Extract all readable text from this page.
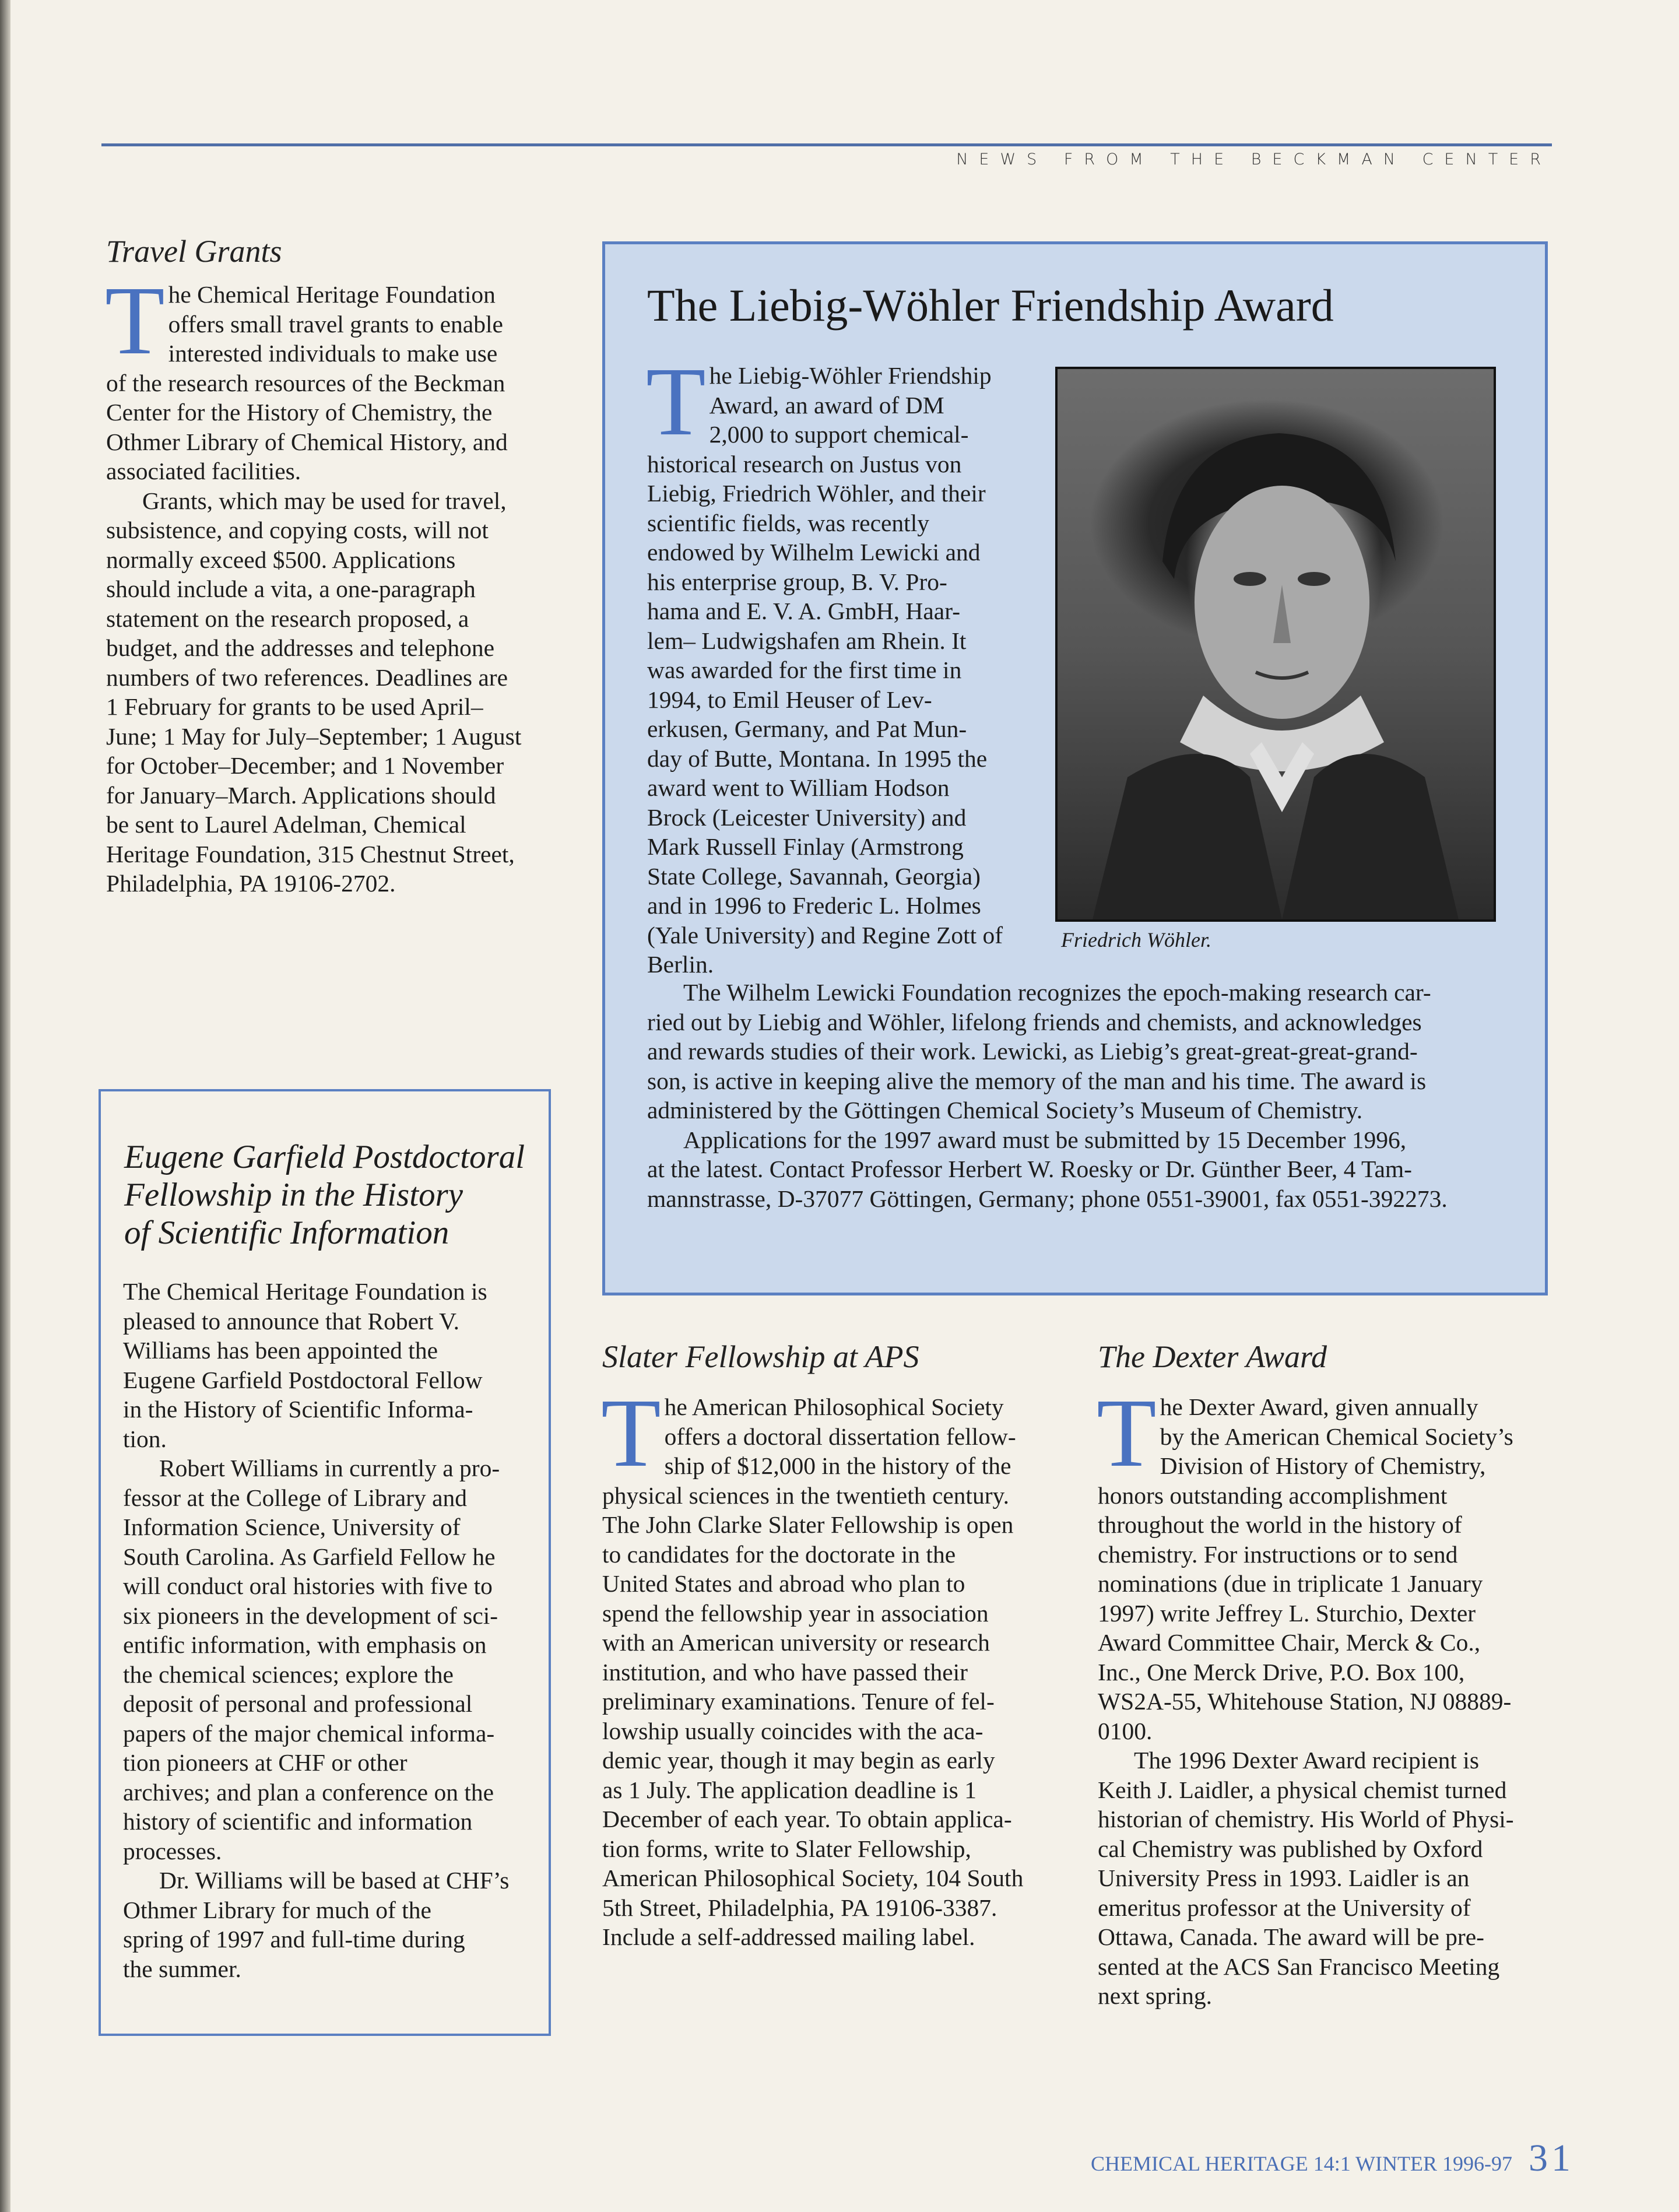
NEWS FROM THE BECKMAN CENTER
Travel Grants
T he Chemical Heritage Foundation
offers small travel grants to enable
interested individuals to make use
of the research resources of the Beckman
Center for the History of Chemistry, the
Othmer Library of Chemical History, and
associated facilities.
Grants, which may be used for travel,
subsistence, and copying costs, will not
normally exceed $500. Applications
should include a vita, a one-paragraph
statement on the research proposed, a
budget, and the addresses and telephone
numbers of two references. Deadlines are
1 February for grants to be used April–
June; 1 May for July–September; 1 August
for October–December; and 1 November
for January–March. Applications should
be sent to Laurel Adelman, Chemical
Heritage Foundation, 315 Chestnut Street,
Philadelphia, PA 19106-2702.
The Liebig-Wöhler Friendship Award
T he Liebig-Wöhler Friendship
Award, an award of DM
2,000 to support chemical-
historical research on Justus von
Liebig, Friedrich Wöhler, and their
scientific fields, was recently
endowed by Wilhelm Lewicki and
his enterprise group, B. V. Pro-
hama and E. V. A. GmbH, Haar-
lem– Ludwigshafen am Rhein. It
was awarded for the first time in
1994, to Emil Heuser of Lev-
erkusen, Germany, and Pat Mun-
day of Butte, Montana. In 1995 the
award went to William Hodson
Brock (Leicester University) and
Mark Russell Finlay (Armstrong
State College, Savannah, Georgia)
and in 1996 to Frederic L. Holmes
(Yale University) and Regine Zott of
Berlin.
Friedrich Wöhler.
The Wilhelm Lewicki Foundation recognizes the epoch-making research car-
ried out by Liebig and Wöhler, lifelong friends and chemists, and acknowledges
and rewards studies of their work. Lewicki, as Liebig’s great-great-great-grand-
son, is active in keeping alive the memory of the man and his time. The award is
administered by the Göttingen Chemical Society’s Museum of Chemistry.
Applications for the 1997 award must be submitted by 15 December 1996,
at the latest. Contact Professor Herbert W. Roesky or Dr. Günther Beer, 4 Tam-
mannstrasse, D-37077 Göttingen, Germany; phone 0551-39001, fax 0551-392273.
Eugene Garfield Postdoctoral
Fellowship in the History
of Scientific Information
The Chemical Heritage Foundation is
pleased to announce that Robert V.
Williams has been appointed the
Eugene Garfield Postdoctoral Fellow
in the History of Scientific Informa-
tion.
Robert Williams in currently a pro-
fessor at the College of Library and
Information Science, University of
South Carolina. As Garfield Fellow he
will conduct oral histories with five to
six pioneers in the development of sci-
entific information, with emphasis on
the chemical sciences; explore the
deposit of personal and professional
papers of the major chemical informa-
tion pioneers at CHF or other
archives; and plan a conference on the
history of scientific and information
processes.
Dr. Williams will be based at CHF’s
Othmer Library for much of the
spring of 1997 and full-time during
the summer.
Slater Fellowship at APS
T he American Philosophical Society
offers a doctoral dissertation fellow-
ship of $12,000 in the history of the
physical sciences in the twentieth century.
The John Clarke Slater Fellowship is open
to candidates for the doctorate in the
United States and abroad who plan to
spend the fellowship year in association
with an American university or research
institution, and who have passed their
preliminary examinations. Tenure of fel-
lowship usually coincides with the aca-
demic year, though it may begin as early
as 1 July. The application deadline is 1
December of each year. To obtain applica-
tion forms, write to Slater Fellowship,
American Philosophical Society, 104 South
5th Street, Philadelphia, PA 19106-3387.
Include a self-addressed mailing label.
The Dexter Award
T he Dexter Award, given annually
by the American Chemical Society’s
Division of History of Chemistry,
honors outstanding accomplishment
throughout the world in the history of
chemistry. For instructions or to send
nominations (due in triplicate 1 January
1997) write Jeffrey L. Sturchio, Dexter
Award Committee Chair, Merck & Co.,
Inc., One Merck Drive, P.O. Box 100,
WS2A-55, Whitehouse Station, NJ 08889-
0100.
The 1996 Dexter Award recipient is
Keith J. Laidler, a physical chemist turned
historian of chemistry. His World of Physi-
cal Chemistry was published by Oxford
University Press in 1993. Laidler is an
emeritus professor at the University of
Ottawa, Canada. The award will be pre-
sented at the ACS San Francisco Meeting
next spring.
CHEMICAL HERITAGE 14:1 WINTER 1996-97 31
